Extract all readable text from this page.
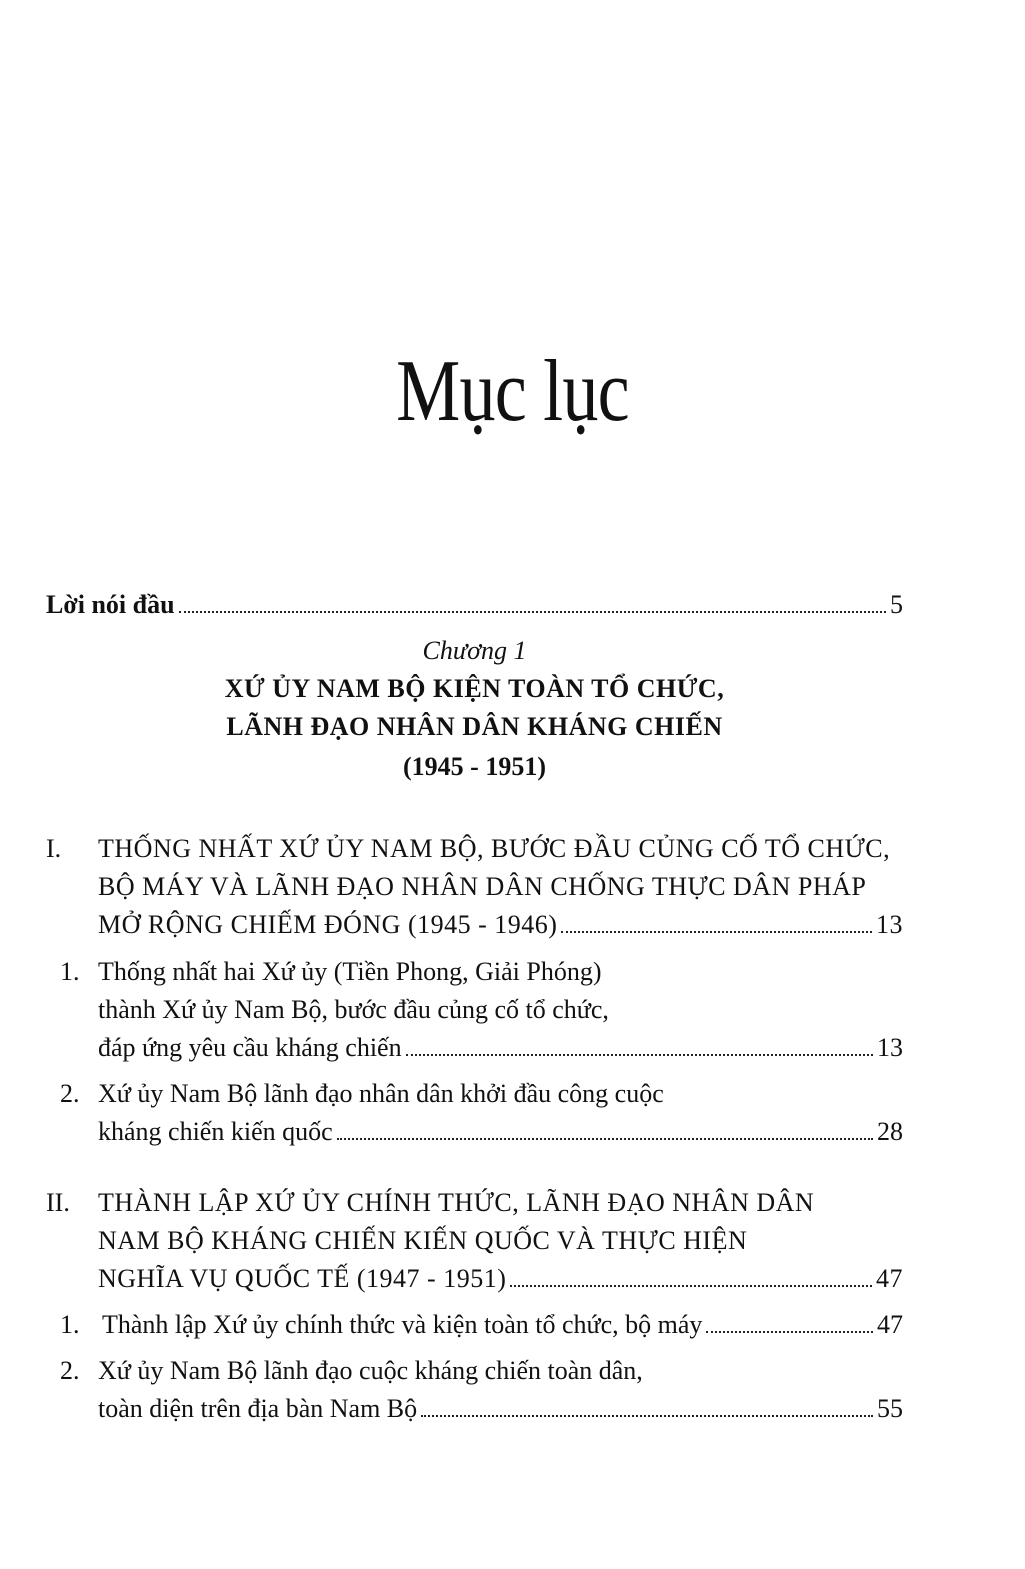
Mục lục
Lời nói đầu	5
Chương 1
XỨ ỦY NAM BỘ KIỆN TOÀN TỔ CHỨC,
LÃNH ĐẠO NHÂN DÂN KHÁNG CHIẾN
(1945 - 1951)
I. THỐNG NHẤT XỨ ỦY NAM BỘ, BƯỚC ĐẦU CỦNG CỐ TỔ CHỨC,
BỘ MÁY VÀ LÃNH ĐẠO NHÂN DÂN CHỐNG THỰC DÂN PHÁP
MỞ RỘNG CHIẾM ĐÓNG (1945 - 1946)	13
1. Thống nhất hai Xứ ủy (Tiền Phong, Giải Phóng)
thành Xứ ủy Nam Bộ, bước đầu củng cố tổ chức,
đáp ứng yêu cầu kháng chiến	13
2. Xứ ủy Nam Bộ lãnh đạo nhân dân khởi đầu công cuộc
kháng chiến kiến quốc	28
II. THÀNH LẬP XỨ ỦY CHÍNH THỨC, LÃNH ĐẠO NHÂN DÂN
NAM BỘ KHÁNG CHIẾN KIẾN QUỐC VÀ THỰC HIỆN
NGHĨA VỤ QUỐC TẾ (1947 - 1951)	47
1. Thành lập Xứ ủy chính thức và kiện toàn tổ chức, bộ máy	47
2. Xứ ủy Nam Bộ lãnh đạo cuộc kháng chiến toàn dân,
toàn diện trên địa bàn Nam Bộ	55
